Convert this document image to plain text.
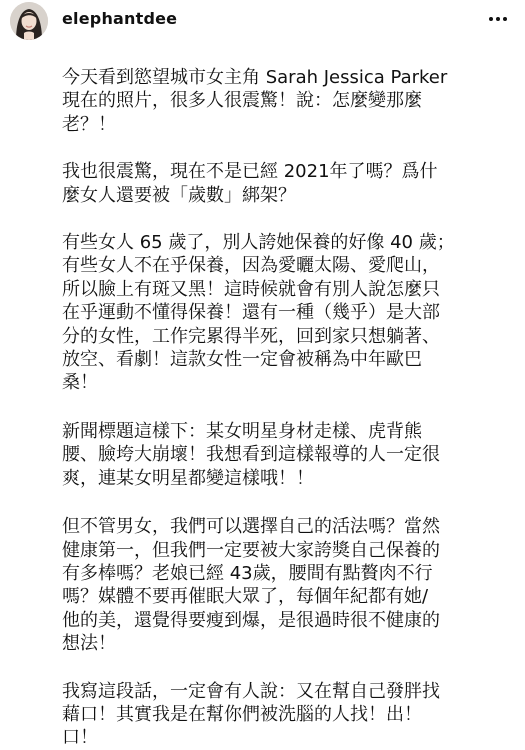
elephantdee

今天看到慾望城市女主角 Sarah Jessica Parker
現在的照片，很多人很震驚！說：怎麼變那麼
老？！

我也很震驚，現在不是已經 2021年了嗎？爲什
麼女人還要被「歲數」綁架？

有些女人 65 歲了，別人誇她保養的好像 40 歲；
有些女人不在乎保養，因為愛曬太陽、愛爬山，
所以臉上有斑又黑！這時候就會有別人說怎麼只
在乎運動不懂得保養！還有一種（幾乎）是大部
分的女性，工作完累得半死，回到家只想躺著、
放空、看劇！這款女性一定會被稱為中年歐巴
桑！

新聞標題這樣下：某女明星身材走樣、虎背熊
腰、臉垮大崩壞！我想看到這樣報導的人一定很
爽，連某女明星都變這樣哦！！

但不管男女，我們可以選擇自己的活法嗎？當然
健康第一，但我們一定要被大家誇獎自己保養的
有多棒嗎？老娘已經 43歲，腰間有點贅肉不行
嗎？媒體不要再催眠大眾了，每個年紀都有她/
他的美，還覺得要瘦到爆，是很過時很不健康的
想法！

我寫這段話，一定會有人說：又在幫自己發胖找
藉口！其實我是在幫你們被洗腦的人找！出！
口！
